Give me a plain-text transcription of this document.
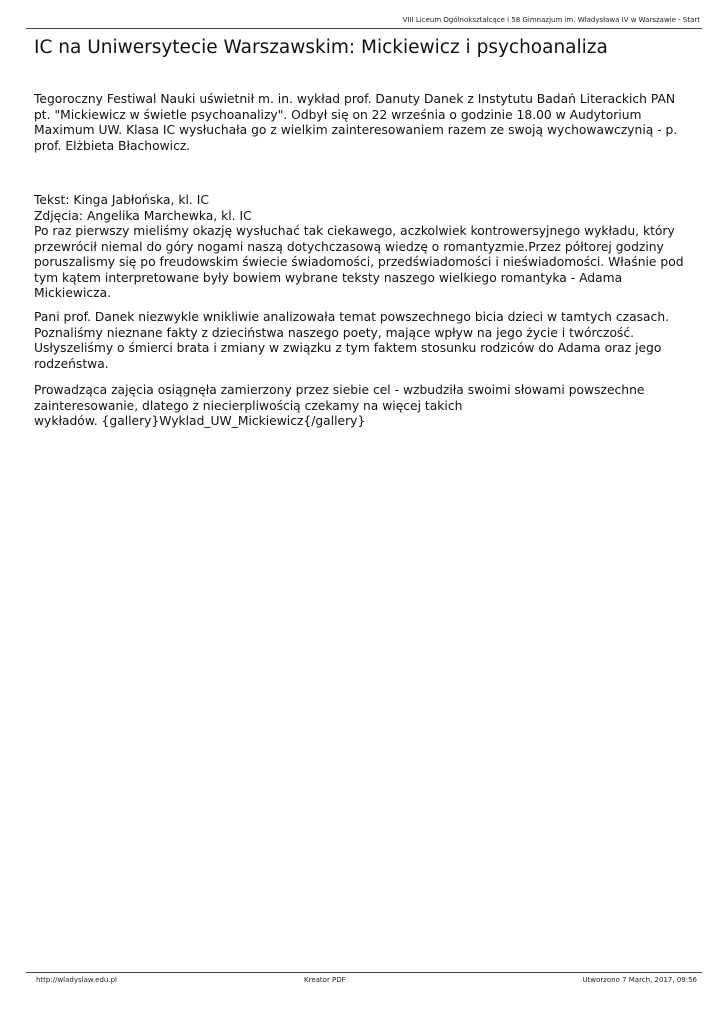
VIII Liceum Ogólnokształcące i 58 Gimnazjum im. Władysława IV w Warszawie - Start
IC na Uniwersytecie Warszawskim: Mickiewicz i psychoanaliza
Tegoroczny Festiwal Nauki uświetnił m. in. wykład prof. Danuty Danek z Instytutu Badań Literackich PAN
pt. "Mickiewicz w świetle psychoanalizy". Odbył się on 22 września o godzinie 18.00 w Audytorium
Maximum UW. Klasa IC wysłuchała go z wielkim zainteresowaniem razem ze swoją wychowawczynią - p.
prof. Elżbieta Błachowicz.
Tekst: Kinga Jabłońska, kl. IC
Zdjęcia: Angelika Marchewka, kl. IC
Po raz pierwszy mieliśmy okazję wysłuchać tak ciekawego, aczkolwiek kontrowersyjnego wykładu, który
przewrócił niemal do góry nogami naszą dotychczasową wiedzę o romantyzmie.Przez półtorej godziny
poruszalismy się po freudowskim świecie świadomości, przedświadomości i nieświadomości. Właśnie pod
tym kątem interpretowane były bowiem wybrane teksty naszego wielkiego romantyka - Adama
Mickiewicza.
Pani prof. Danek niezwykle wnikliwie analizowała temat powszechnego bicia dzieci w tamtych czasach.
Poznaliśmy nieznane fakty z dzieciństwa naszego poety, mające wpływ na jego życie i twórczość.
Usłyszeliśmy o śmierci brata i zmiany w związku z tym faktem stosunku rodziców do Adama oraz jego
rodzeństwa.
Prowadząca zajęcia osiągnęła zamierzony przez siebie cel - wzbudziła swoimi słowami powszechne
zainteresowanie, dlatego z niecierpliwością czekamy na więcej takich
wykładów. {gallery}Wyklad_UW_Mickiewicz{/gallery}
http://wladyslaw.edu.pl	Kreator PDF	Utworzono 7 March, 2017, 09:56
